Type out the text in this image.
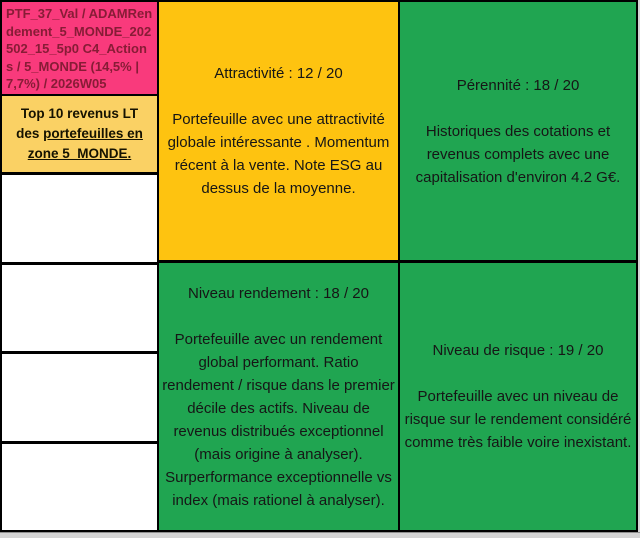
PTF_37_Val / ADAMRendement_5_MONDE_202502_15_5p0 C4_Actions / 5_MONDE (14,5% | 7,7%) / 2026W05
Top 10 revenus LT des portefeuilles en zone 5_MONDE.
Attractivité : 12 / 20
Portefeuille avec une attractivité globale intéressante . Momentum récent à la vente. Note ESG au dessus de la moyenne.
Niveau rendement : 18 / 20
Portefeuille avec un rendement global performant. Ratio rendement / risque dans le premier décile des actifs. Niveau de revenus distribués exceptionnel (mais origine à analyser). Surperformance exceptionnelle vs index (mais rationel à analyser).
Pérennité : 18 / 20
Historiques des cotations et revenus complets avec une capitalisation d'environ 4.2 G€.
Niveau de risque : 19 / 20
Portefeuille avec un niveau de risque sur le rendement considéré comme très faible voire inexistant.
